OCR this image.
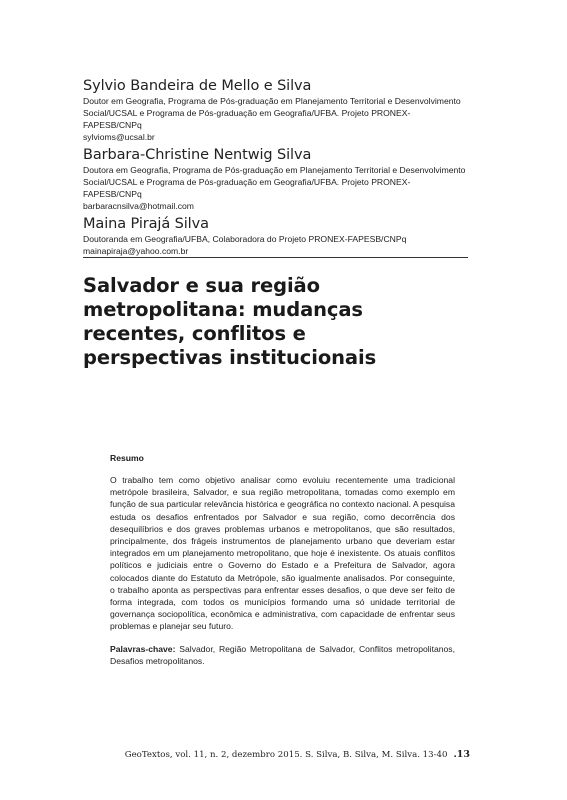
Sylvio Bandeira de Mello e Silva
Doutor em Geografia, Programa de Pós-graduação em Planejamento Territorial e Desenvolvimento Social/UCSAL e Programa de Pós-graduação em Geografia/UFBA. Projeto PRONEX-FAPESB/CNPq
sylvioms@ucsal.br
Barbara-Christine Nentwig Silva
Doutora em Geografia, Programa de Pós-graduação em Planejamento Territorial e Desenvolvimento Social/UCSAL e Programa de Pós-graduação em Geografia/UFBA. Projeto PRONEX-FAPESB/CNPq
barbaracnsilva@hotmail.com
Maina Pirajá Silva
Doutoranda em Geografia/UFBA, Colaboradora do Projeto PRONEX-FAPESB/CNPq
mainapiraja@yahoo.com.br
Salvador e sua região metropolitana: mudanças recentes, conflitos e perspectivas institucionais
Resumo

O trabalho tem como objetivo analisar como evoluiu recentemente uma tradicional metrópole brasileira, Salvador, e sua região metropolitana, tomadas como exemplo em função de sua particular relevância histórica e geográfica no contexto nacional. A pesquisa estuda os desafios enfrentados por Salvador e sua região, como decorrência dos desequilíbrios e dos graves problemas urbanos e metropolitanos, que são resultados, principalmente, dos frágeis instrumentos de planejamento urbano que deveriam estar integrados em um planejamento metropolitano, que hoje é inexistente. Os atuais conflitos políticos e judiciais entre o Governo do Estado e a Prefeitura de Salvador, agora colocados diante do Estatuto da Metrópole, são igualmente analisados. Por conseguinte, o trabalho aponta as perspectivas para enfrentar esses desafios, o que deve ser feito de forma integrada, com todos os municípios formando uma só unidade territorial de governança sociopolítica, econômica e administrativa, com capacidade de enfrentar seus problemas e planejar seu futuro.

Palavras-chave: Salvador, Região Metropolitana de Salvador, Conflitos metropolitanos, Desafios metropolitanos.

GeoTextos, vol. 11, n. 2, dezembro 2015. S. Silva, B. Silva, M. Silva. 13-40 .13
